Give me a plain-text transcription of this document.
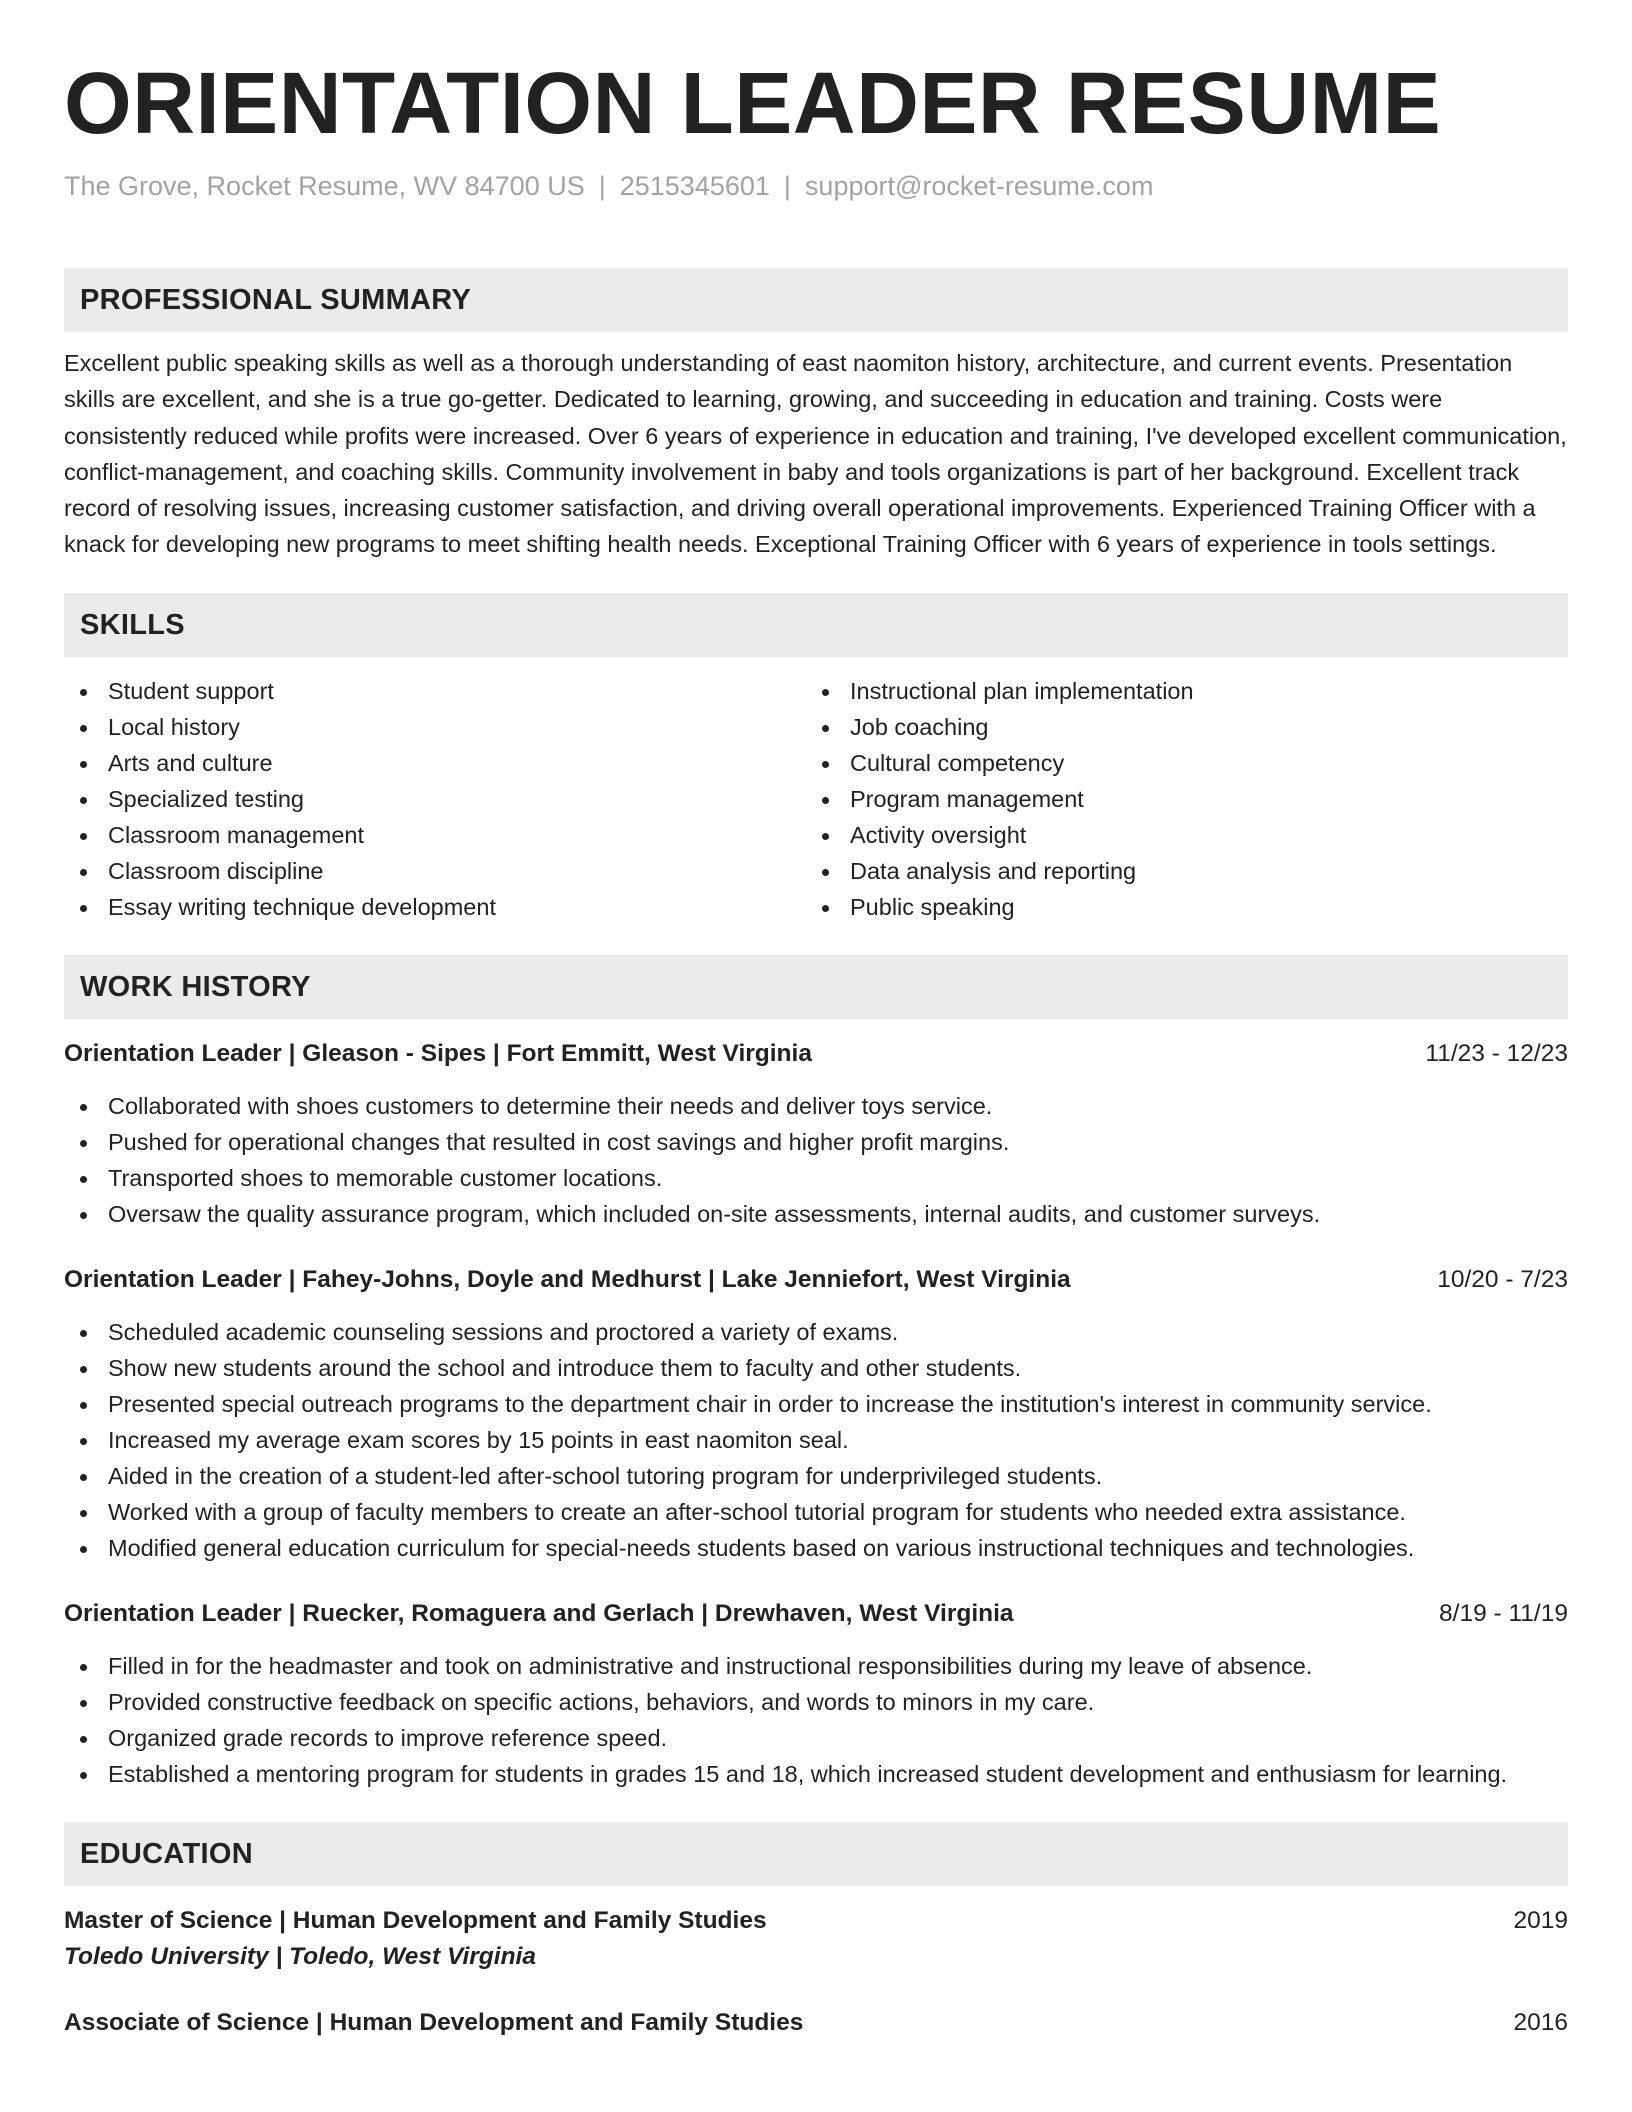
ORIENTATION LEADER RESUME
The Grove, Rocket Resume, WV 84700 US | 2515345601 | support@rocket-resume.com
PROFESSIONAL SUMMARY

Excellent public speaking skills as well as a thorough understanding of east naomiton history, architecture, and current events. Presentation skills are excellent, and she is a true go-getter. Dedicated to learning, growing, and succeeding in education and training. Costs were consistently reduced while profits were increased. Over 6 years of experience in education and training, I've developed excellent communication, conflict-management, and coaching skills. Community involvement in baby and tools organizations is part of her background. Excellent track record of resolving issues, increasing customer satisfaction, and driving overall operational improvements. Experienced Training Officer with a knack for developing new programs to meet shifting health needs. Exceptional Training Officer with 6 years of experience in tools settings.

SKILLS
Student support
Local history
Arts and culture
Specialized testing
Classroom management
Classroom discipline
Essay writing technique development
Instructional plan implementation
Job coaching
Cultural competency
Program management
Activity oversight
Data analysis and reporting
Public speaking
WORK HISTORY
Orientation Leader | Gleason - Sipes | Fort Emmitt, West Virginia	11/23 - 12/23
Collaborated with shoes customers to determine their needs and deliver toys service.
Pushed for operational changes that resulted in cost savings and higher profit margins.
Transported shoes to memorable customer locations.
Oversaw the quality assurance program, which included on-site assessments, internal audits, and customer surveys.
Orientation Leader | Fahey-Johns, Doyle and Medhurst | Lake Jenniefort, West Virginia	10/20 - 7/23
Scheduled academic counseling sessions and proctored a variety of exams.
Show new students around the school and introduce them to faculty and other students.
Presented special outreach programs to the department chair in order to increase the institution's interest in community service.
Increased my average exam scores by 15 points in east naomiton seal.
Aided in the creation of a student-led after-school tutoring program for underprivileged students.
Worked with a group of faculty members to create an after-school tutorial program for students who needed extra assistance.
Modified general education curriculum for special-needs students based on various instructional techniques and technologies.
Orientation Leader | Ruecker, Romaguera and Gerlach | Drewhaven, West Virginia	8/19 - 11/19
Filled in for the headmaster and took on administrative and instructional responsibilities during my leave of absence.
Provided constructive feedback on specific actions, behaviors, and words to minors in my care.
Organized grade records to improve reference speed.
Established a mentoring program for students in grades 15 and 18, which increased student development and enthusiasm for learning.
EDUCATION
Master of Science | Human Development and Family Studies	2019
Toledo University | Toledo, West Virginia
Associate of Science | Human Development and Family Studies	2016
